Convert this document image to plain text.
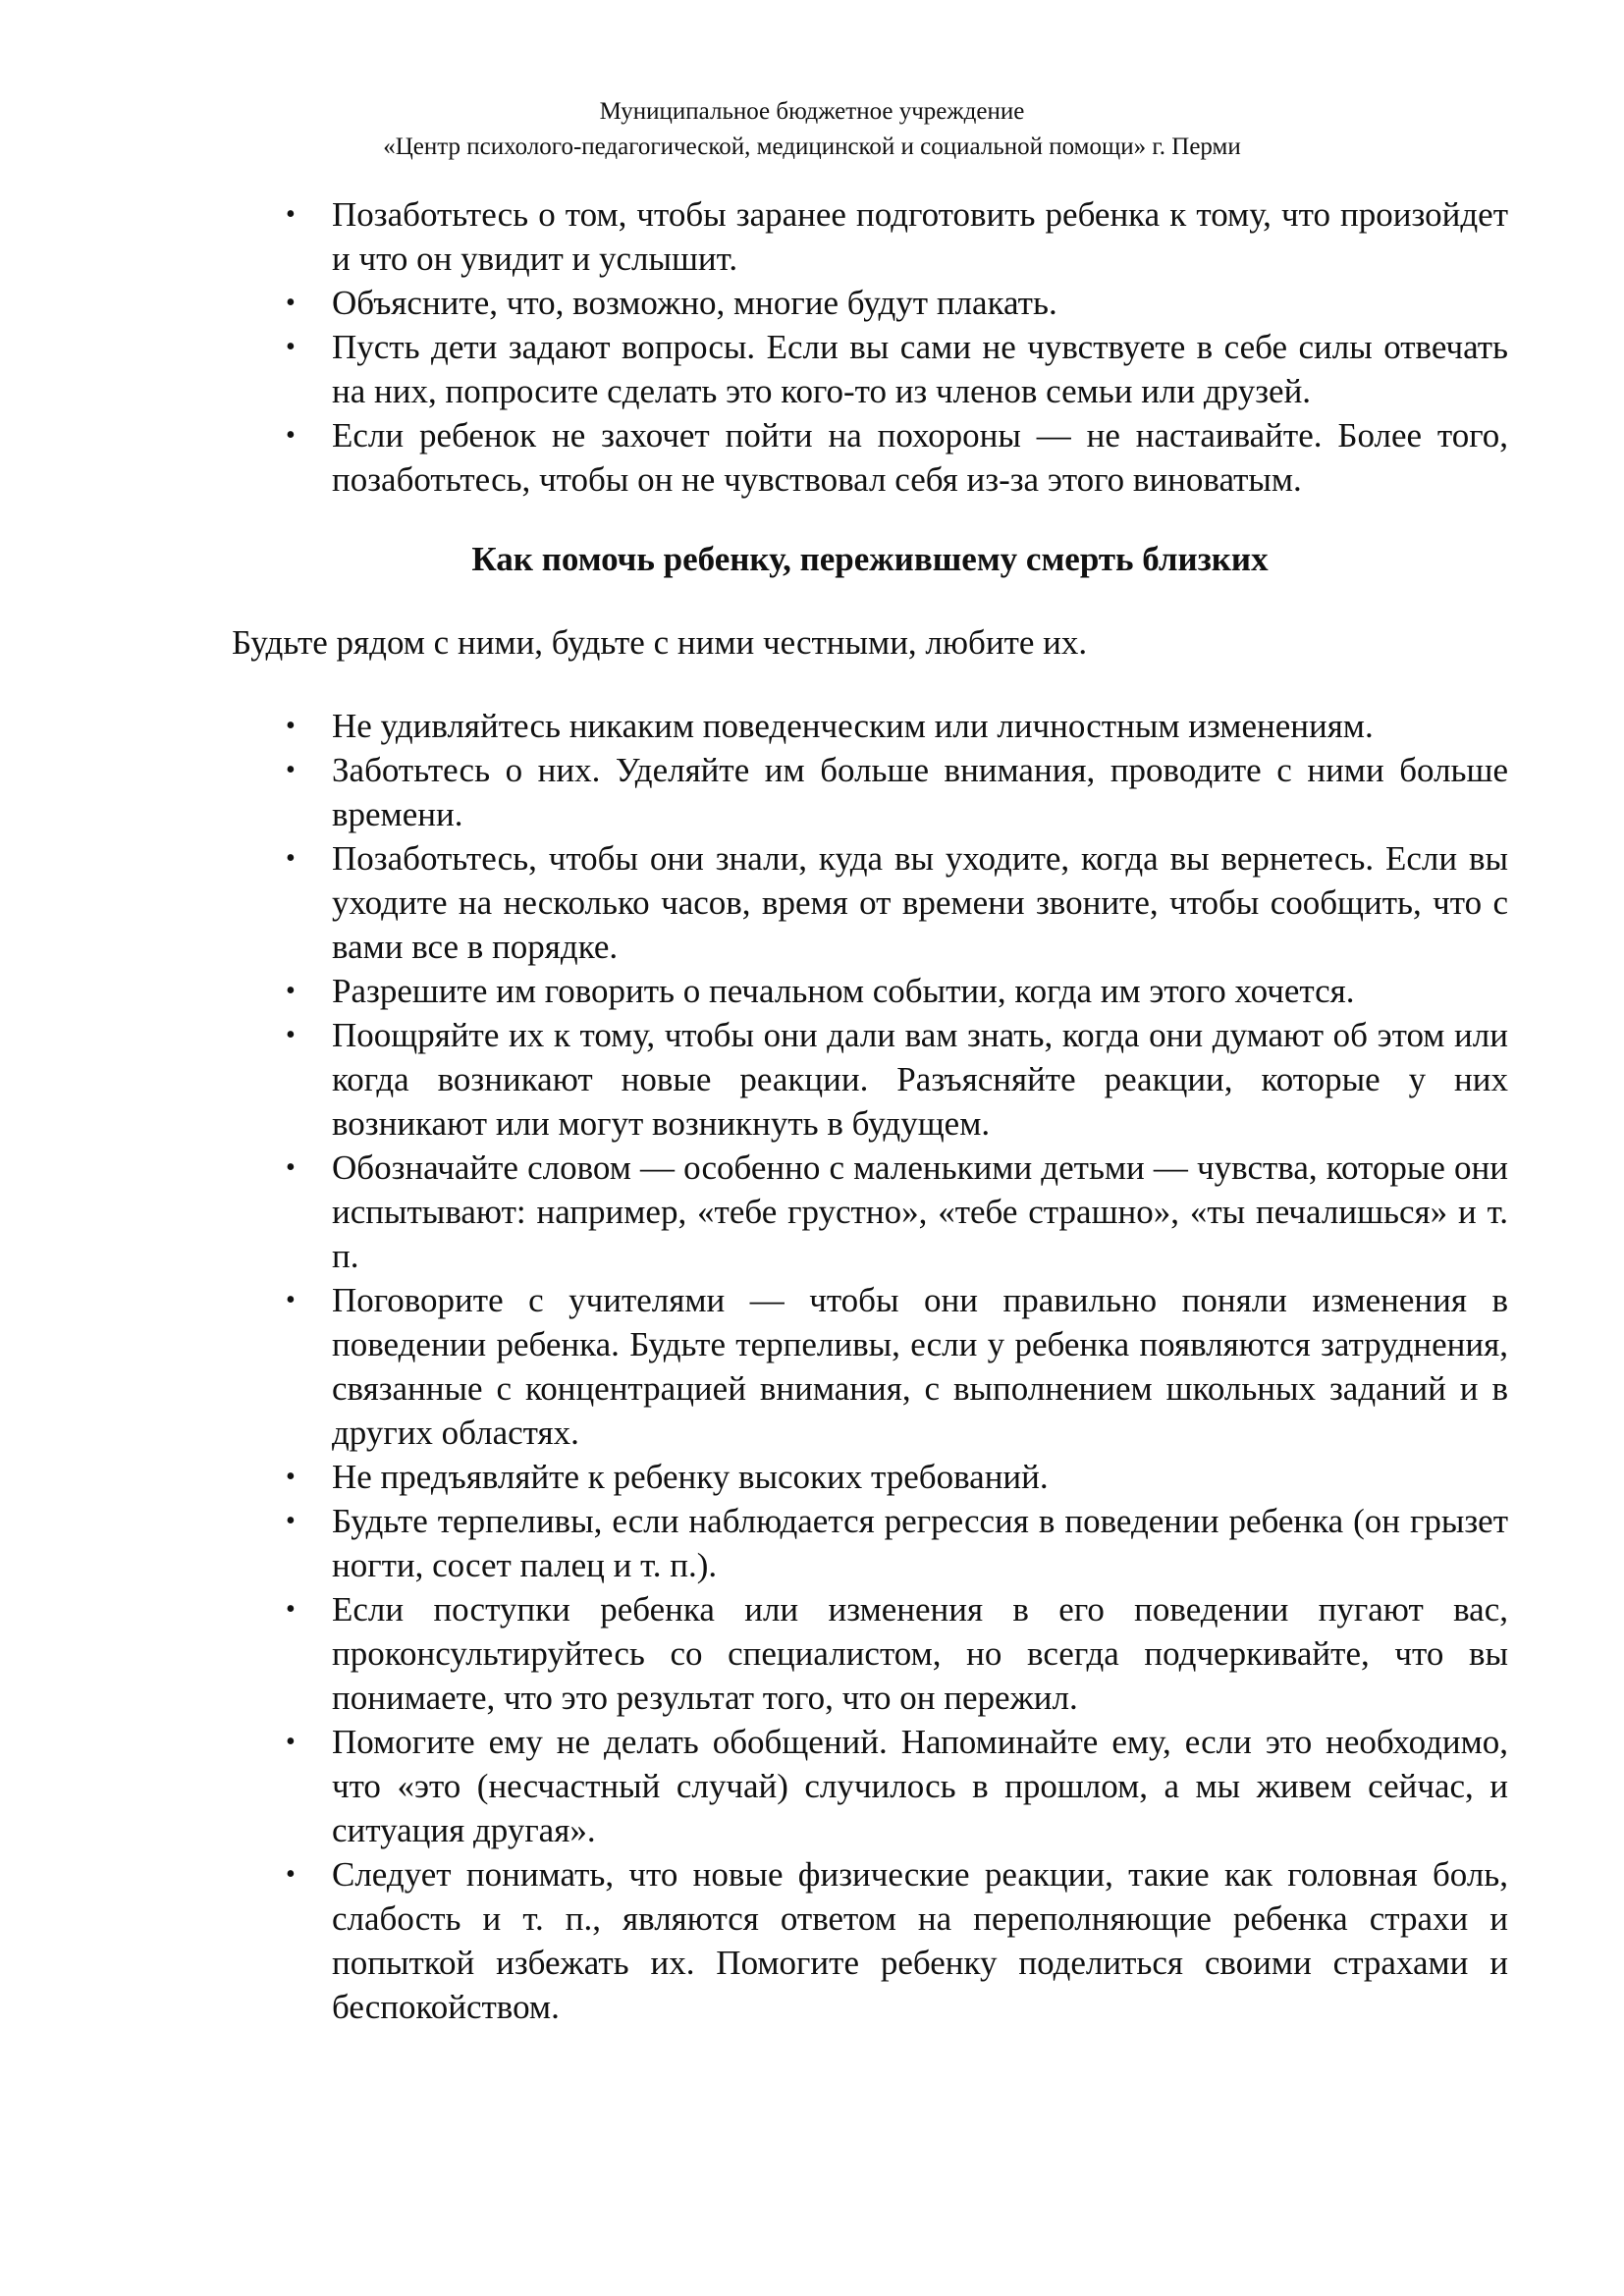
Муниципальное бюджетное учреждение
«Центр психолого-педагогической, медицинской и социальной помощи» г. Перми
•	Позаботьтесь о том, чтобы заранее подготовить ребенка к тому, что произойдет и что он увидит и услышит.
•	Объясните, что, возможно, многие будут плакать.
•	Пусть дети задают вопросы. Если вы сами не чувствуете в себе силы отвечать на них, попросите сделать это кого-то из членов семьи или друзей.
•	Если ребенок не захочет пойти на похороны — не настаивайте. Более того, позаботьтесь, чтобы он не чувствовал себя из-за этого виноватым.
Как помочь ребенку, пережившему смерть близких
Будьте рядом с ними, будьте с ними честными, любите их.
•	Не удивляйтесь никаким поведенческим или личностным изменениям.
•	Заботьтесь о них. Уделяйте им больше внимания, проводите с ними больше времени.
•	Позаботьтесь, чтобы они знали, куда вы уходите, когда вы вернетесь. Если вы уходите на несколько часов, время от времени звоните, чтобы сообщить, что с вами все в порядке.
•	Разрешите им говорить о печальном событии, когда им этого хочется.
•	Поощряйте их к тому, чтобы они дали вам знать, когда они думают об этом или когда возникают новые реакции. Разъясняйте реакции, которые у них возникают или могут возникнуть в будущем.
•	Обозначайте словом — особенно с маленькими детьми — чувства, которые они испытывают: например, «тебе грустно», «тебе страшно», «ты печалишься» и т. п.
•	Поговорите с учителями — чтобы они правильно поняли изменения в поведении ребенка. Будьте терпеливы, если у ребенка появляются затруднения, связанные с концентрацией внимания, с выполнением школьных заданий и в других областях.
•	Не предъявляйте к ребенку высоких требований.
•	Будьте терпеливы, если наблюдается регрессия в поведении ребенка (он грызет ногти, сосет палец и т. п.).
•	Если поступки ребенка или изменения в его поведении пугают вас, проконсультируйтесь со специалистом, но всегда подчеркивайте, что вы понимаете, что это результат того, что он пережил.
•	Помогите ему не делать обобщений. Напоминайте ему, если это необходимо, что «это (несчастный случай) случилось в прошлом, а мы живем сейчас, и ситуация другая».
•	Следует понимать, что новые физические реакции, такие как головная боль, слабость и т. п., являются ответом на переполняющие ребенка страхи и попыткой избежать их. Помогите ребенку поделиться своими страхами и беспокойством.
